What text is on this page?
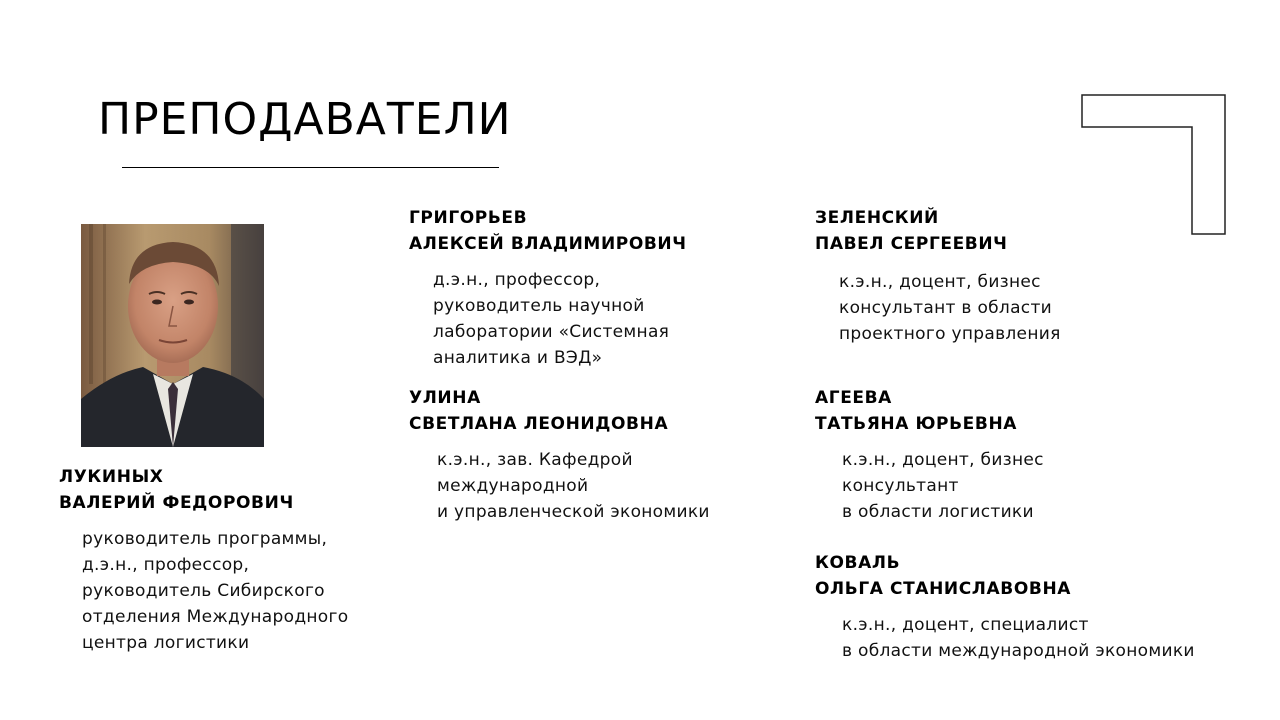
ПРЕПОДАВАТЕЛИ

ЛУКИНЫХ
ВАЛЕРИЙ ФЕДОРОВИЧ

руководитель программы,
д.э.н., профессор,
руководитель Сибирского
отделения Международного
центра логистики

ГРИГОРЬЕВ
АЛЕКСЕЙ ВЛАДИМИРОВИЧ

д.э.н., профессор,
руководитель научной
лаборатории «Системная
аналитика и ВЭД»

УЛИНА
СВЕТЛАНА ЛЕОНИДОВНА

к.э.н., зав. Кафедрой
международной
и управленческой экономики

ЗЕЛЕНСКИЙ
ПАВЕЛ СЕРГЕЕВИЧ

к.э.н., доцент, бизнес
консультант в области
проектного управления

АГЕЕВА
ТАТЬЯНА ЮРЬЕВНА

к.э.н., доцент, бизнес
консультант
в области логистики

КОВАЛЬ
ОЛЬГА СТАНИСЛАВОВНА

к.э.н., доцент, специалист
в области международной экономики
